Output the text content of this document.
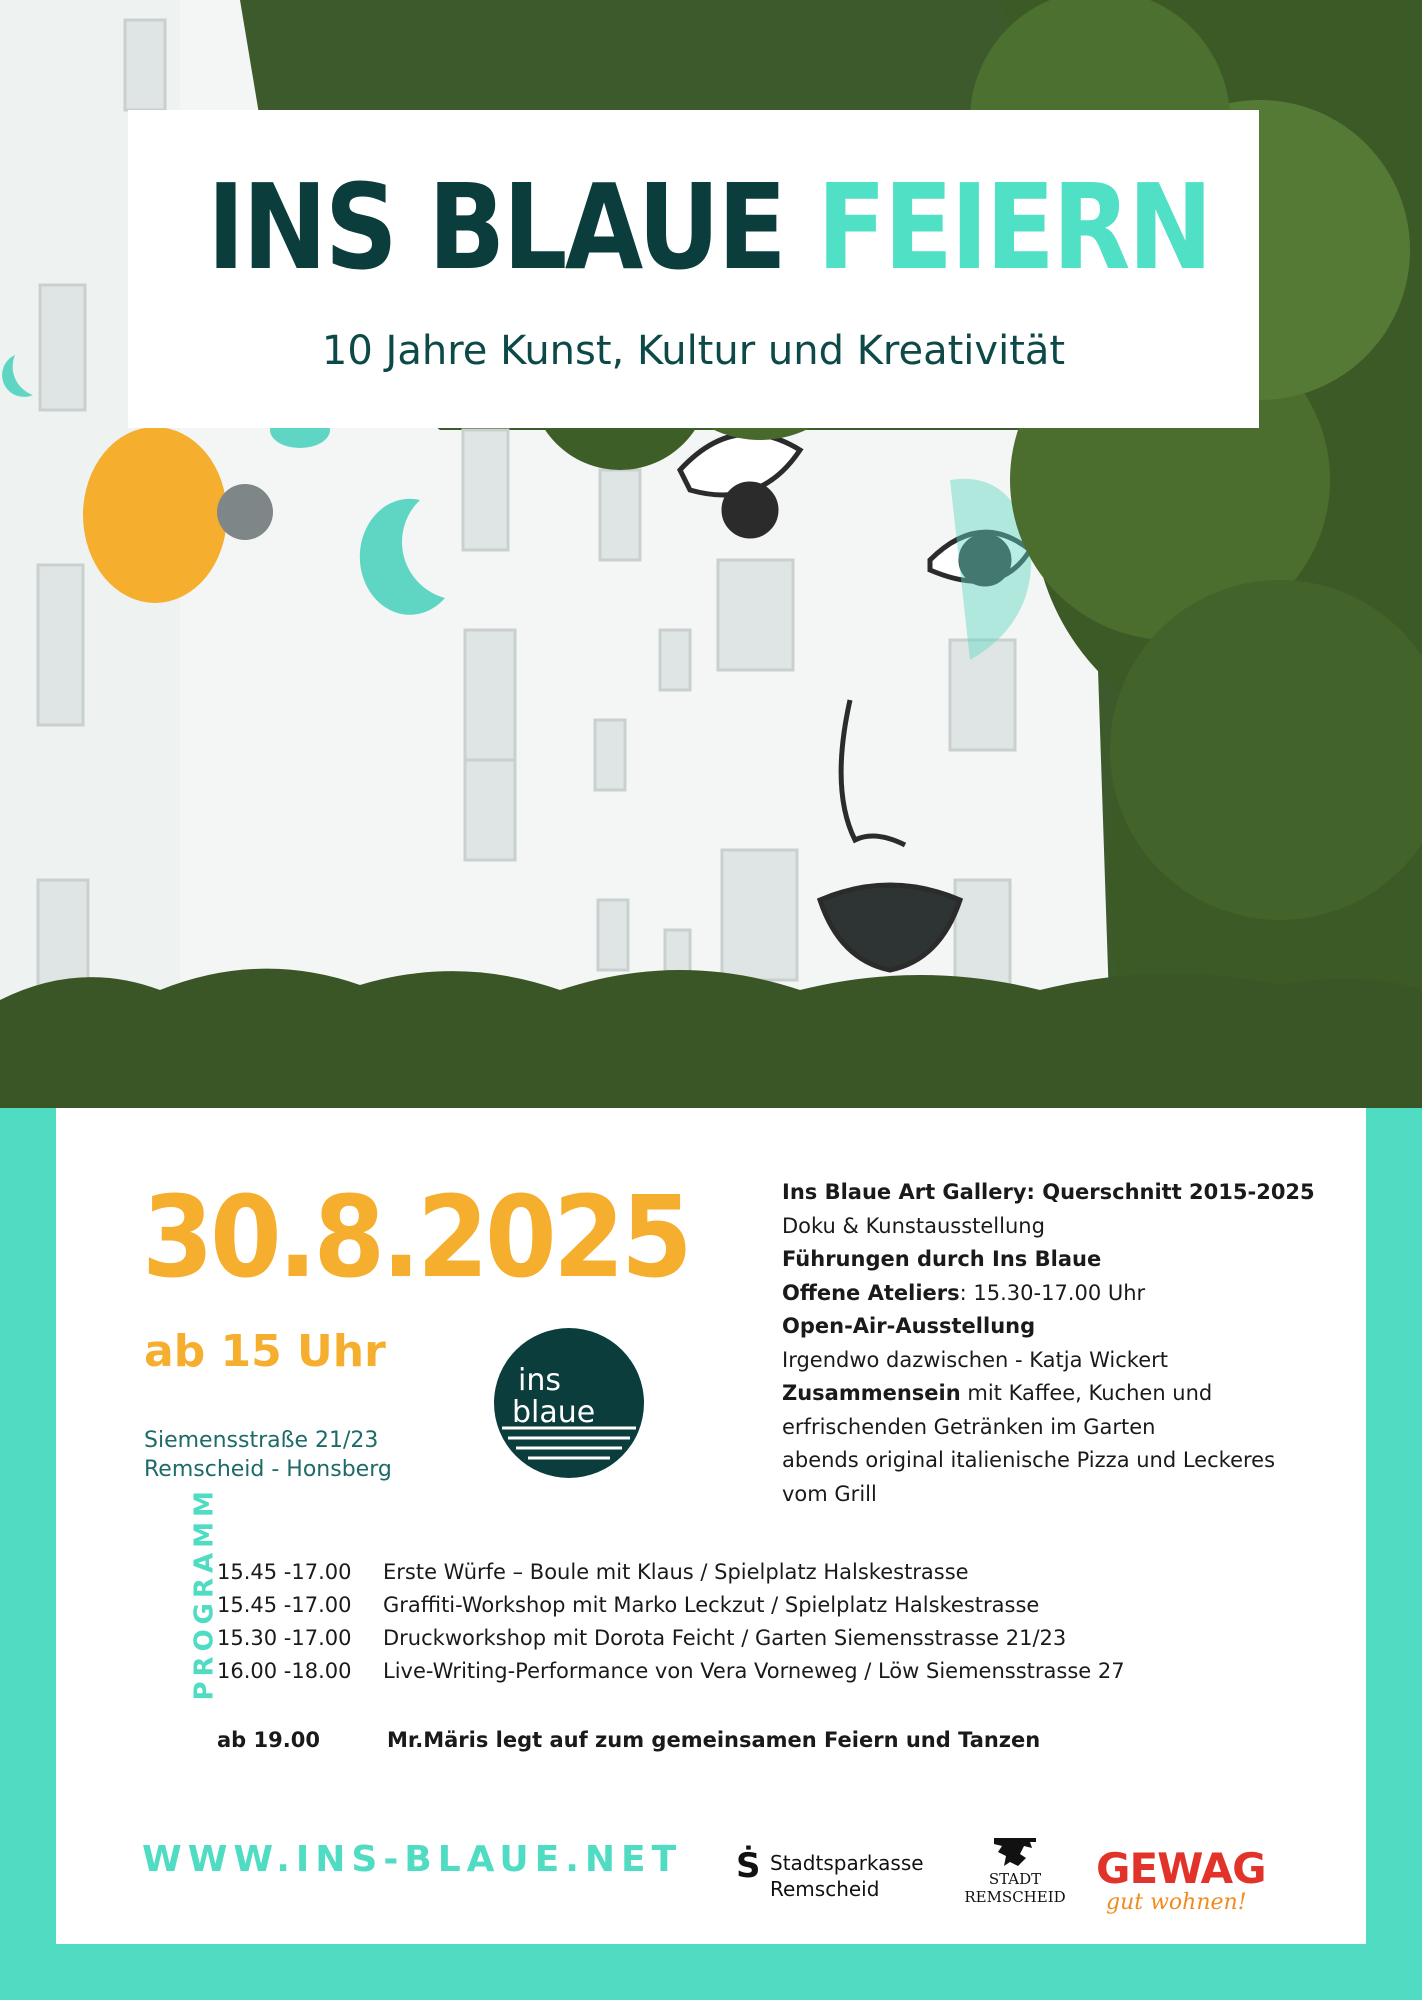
INS BLAUE FEIERN
10 Jahre Kunst, Kultur und Kreativität
30.8.2025
ab 15 Uhr
Siemensstraße 21/23
Remscheid - Honsberg
ins
blaue
Ins Blaue Art Gallery: Querschnitt 2015-2025
Doku & Kunstausstellung
Führungen durch Ins Blaue
Offene Ateliers: 15.30-17.00 Uhr
Open-Air-Ausstellung
Irgendwo dazwischen - Katja Wickert
Zusammensein mit Kaffee, Kuchen und
erfrischenden Getränken im Garten
abends original italienische Pizza und Leckeres
vom Grill
PROGRAMM
15.45 -17.00 Erste Würfe – Boule mit Klaus / Spielplatz Halskestrasse
15.45 -17.00 Graffiti-Workshop mit Marko Leckzut / Spielplatz Halskestrasse
15.30 -17.00 Druckworkshop mit Dorota Feicht / Garten Siemensstrasse 21/23
16.00 -18.00 Live-Writing-Performance von Vera Vorneweg / Löw Siemensstrasse 27
ab 19.00	Mr.Märis legt auf zum gemeinsamen Feiern und Tanzen
WWW.INS-BLAUE.NET Ṡ Stadtsparkasse
Remscheid	STADT
REMSCHEID
GEWAG
gut wohnen!
